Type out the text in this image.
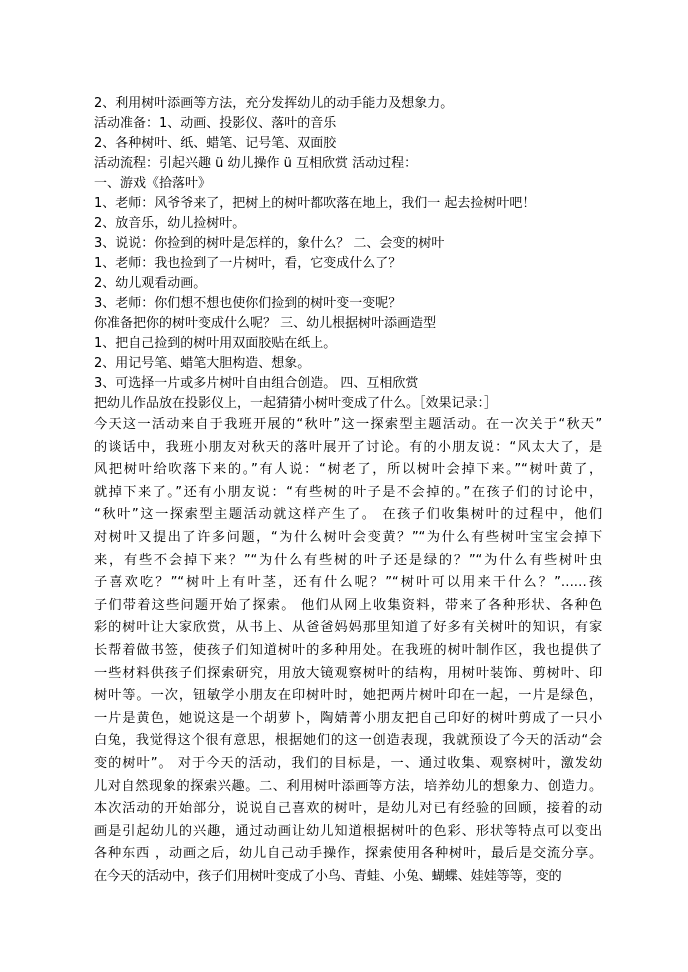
2、利用树叶添画等方法，充分发挥幼儿的动手能力及想象力。
活动准备：1、动画、投影仪、落叶的音乐
2、各种树叶、纸、蜡笔、记号笔、双面胶
活动流程：引起兴趣 ü 幼儿操作 ü 互相欣赏 活动过程：
一、游戏《拾落叶》
1、老师：风爷爷来了，把树上的树叶都吹落在地上，我们一 起去捡树叶吧！
2、放音乐，幼儿捡树叶。
3、说说：你捡到的树叶是怎样的，象什么？ 二、会变的树叶
1、老师：我也捡到了一片树叶，看，它变成什么了？
2、幼儿观看动画。
3、老师：你们想不想也使你们捡到的树叶变一变呢？
你准备把你的树叶变成什么呢？ 三、幼儿根据树叶添画造型
1、把自己捡到的树叶用双面胶贴在纸上。
2、用记号笔、蜡笔大胆构造、想象。
3、可选择一片或多片树叶自由组合创造。 四、互相欣赏
把幼儿作品放在投影仪上，一起猜猜小树叶变成了什么。［效果记录：］
今天这一活动来自于我班开展的“秋叶”这一探索型主题活动。在一次关于“秋天”
的谈话中，我班小朋友对秋天的落叶展开了讨论。有的小朋友说：“风太大了，是
风把树叶给吹落下来的。”有人说：“树老了，所以树叶会掉下来。”“树叶黄了，
就掉下来了。”还有小朋友说：“有些树的叶子是不会掉的。”在孩子们的讨论中，
“秋叶”这一探索型主题活动就这样产生了。 在孩子们收集树叶的过程中，他们
对树叶又提出了许多问题，“为什么树叶会变黄？”“为什么有些树叶宝宝会掉下
来，有些不会掉下来？”“为什么有些树的叶子还是绿的？”“为什么有些树叶虫
子喜欢吃？”“树叶上有叶茎，还有什么呢？”“树叶可以用来干什么？”……孩
子们带着这些问题开始了探索。 他们从网上收集资料，带来了各种形状、各种色
彩的树叶让大家欣赏，从书上、从爸爸妈妈那里知道了好多有关树叶的知识，有家
长帮着做书签，使孩子们知道树叶的多种用处。在我班的树叶制作区，我也提供了
一些材料供孩子们探索研究，用放大镜观察树叶的结构，用树叶装饰、剪树叶、印
树叶等。一次，钮敏学小朋友在印树叶时，她把两片树叶印在一起，一片是绿色，
一片是黄色，她说这是一个胡萝卜，陶婧菁小朋友把自己印好的树叶剪成了一只小
白兔，我觉得这个很有意思，根据她们的这一创造表现，我就预设了今天的活动“会
变的树叶”。 对于今天的活动，我们的目标是，一、通过收集、观察树叶，激发幼
儿对自然现象的探索兴趣。二、利用树叶添画等方法，培养幼儿的想象力、创造力。
本次活动的开始部分，说说自己喜欢的树叶，是幼儿对已有经验的回顾，接着的动
画是引起幼儿的兴趣，通过动画让幼儿知道根据树叶的色彩、形状等特点可以变出
各种东西 ，动画之后，幼儿自己动手操作，探索使用各种树叶，最后是交流分享。
在今天的活动中，孩子们用树叶变成了小鸟、青蛙、小兔、蝴蝶、娃娃等等，变的
